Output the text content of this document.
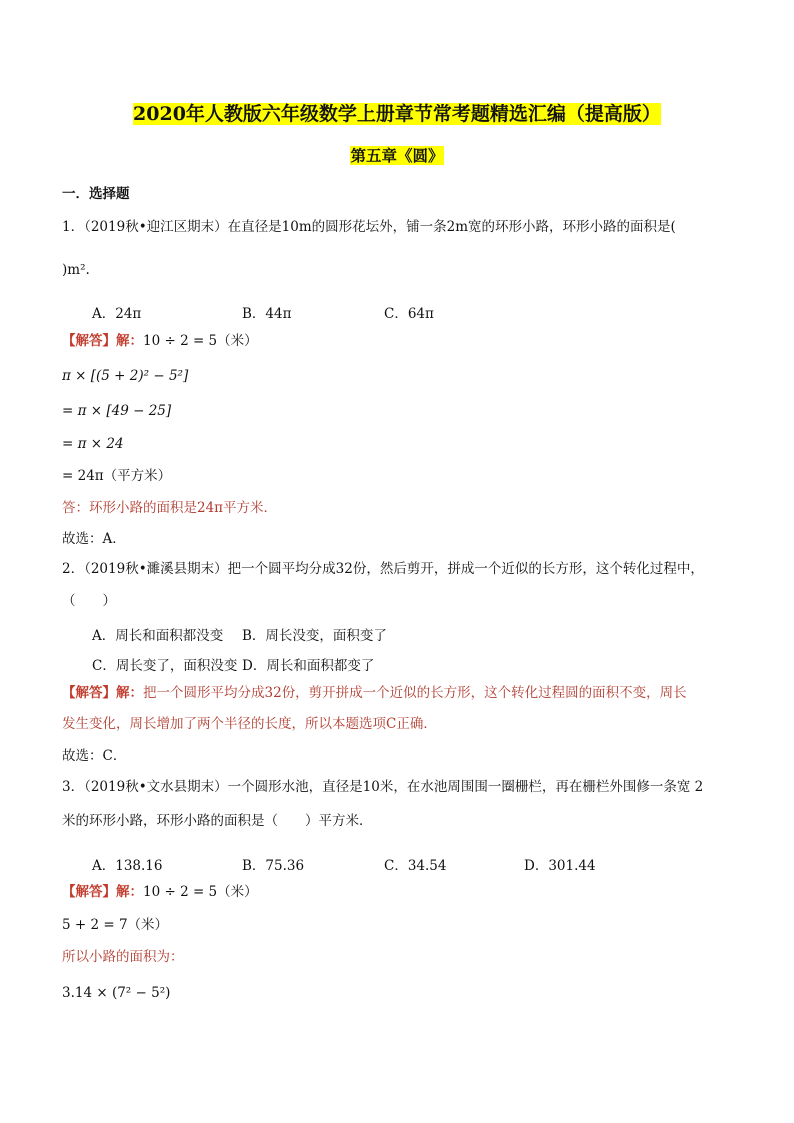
2020年人教版六年级数学上册章节常考题精选汇编（提高版）
第五章《圆》
一．选择题
1．（2019秋•迎江区期末）在直径是10m的圆形花坛外，铺一条2m宽的环形小路，环形小路的面积是(
)m².
A．24π	B．44π	C．64π
【解答】解：10 ÷ 2 = 5（米）
π × [(5 + 2)² − 5²]
= π × [49 − 25]
= π × 24
= 24π（平方米）
答：环形小路的面积是24π平方米．
故选：A．
2．（2019秋•濉溪县期末）把一个圆平均分成32份，然后剪开，拼成一个近似的长方形，这个转化过程中，
（　　）
A．周长和面积都没变 B．周长没变，面积变了
C．周长变了，面积没变 D．周长和面积都变了
【解答】解：把一个圆形平均分成32份，剪开拼成一个近似的长方形，这个转化过程圆的面积不变，周长
发生变化，周长增加了两个半径的长度，所以本题选项C正确．
故选：C．
3．（2019秋•文水县期末）一个圆形水池，直径是10米，在水池周围围一圈栅栏，再在栅栏外围修一条宽 2
米的环形小路，环形小路的面积是（　　）平方米．
A．138.16	B．75.36	C．34.54	D．301.44
【解答】解：10 ÷ 2 = 5（米）
5 + 2 = 7（米）
所以小路的面积为：
3.14 × (7² − 5²)
